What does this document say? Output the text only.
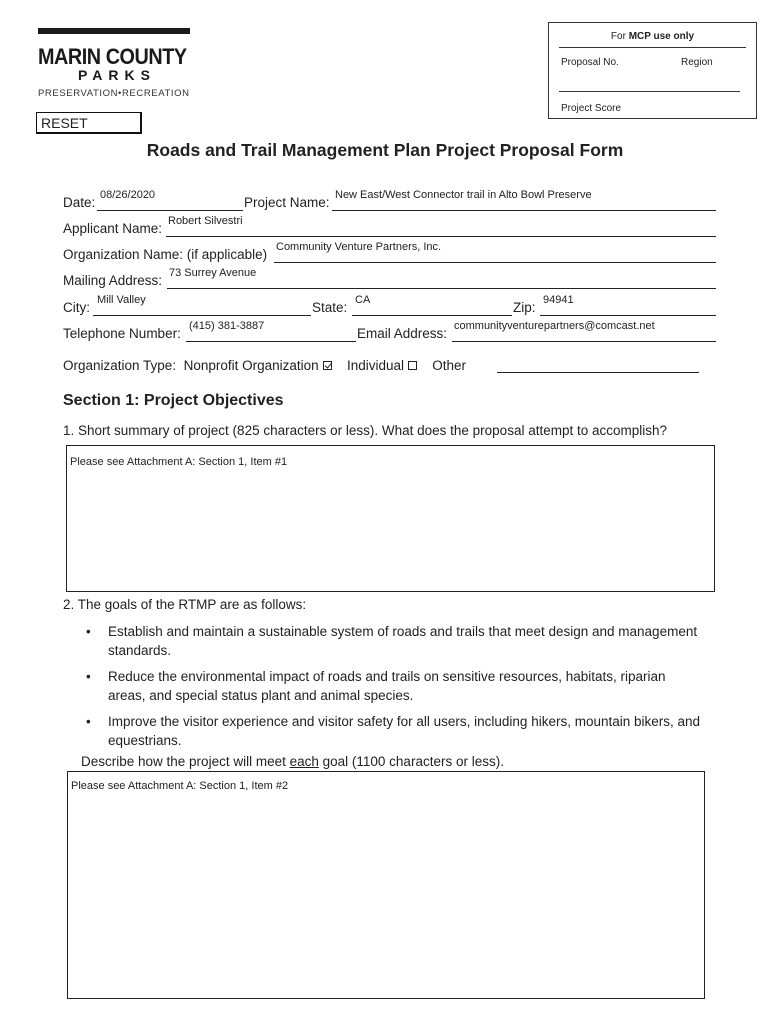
MARIN COUNTY
PARKS
PRESERVATION•RECREATION
RESET
For MCP use only
Proposal No.	Region
Project Score
Roads and Trail Management Plan Project Proposal Form
Date: 08/26/2020	Project Name: New East/West Connector trail in Alto Bowl Preserve
Applicant Name: Robert Silvestri
Organization Name: (if applicable) Community Venture Partners, Inc.
Mailing Address: 73 Surrey Avenue
City: Mill Valley	State: CA	Zip: 94941
Telephone Number: (415) 381-3887	Email Address: communityventurepartners@comcast.net
Organization Type: Nonprofit Organization Individual Other
Section 1: Project Objectives
1. Short summary of project (825 characters or less). What does the proposal attempt to accomplish?
Please see Attachment A: Section 1, Item #1
2. The goals of the RTMP are as follows:
• Establish and maintain a sustainable system of roads and trails that meet design and management standards.
• Reduce the environmental impact of roads and trails on sensitive resources, habitats, riparian areas, and special status plant and animal species.
• Improve the visitor experience and visitor safety for all users, including hikers, mountain bikers, and equestrians.
Describe how the project will meet each goal (1100 characters or less).
Please see Attachment A: Section 1, Item #2
